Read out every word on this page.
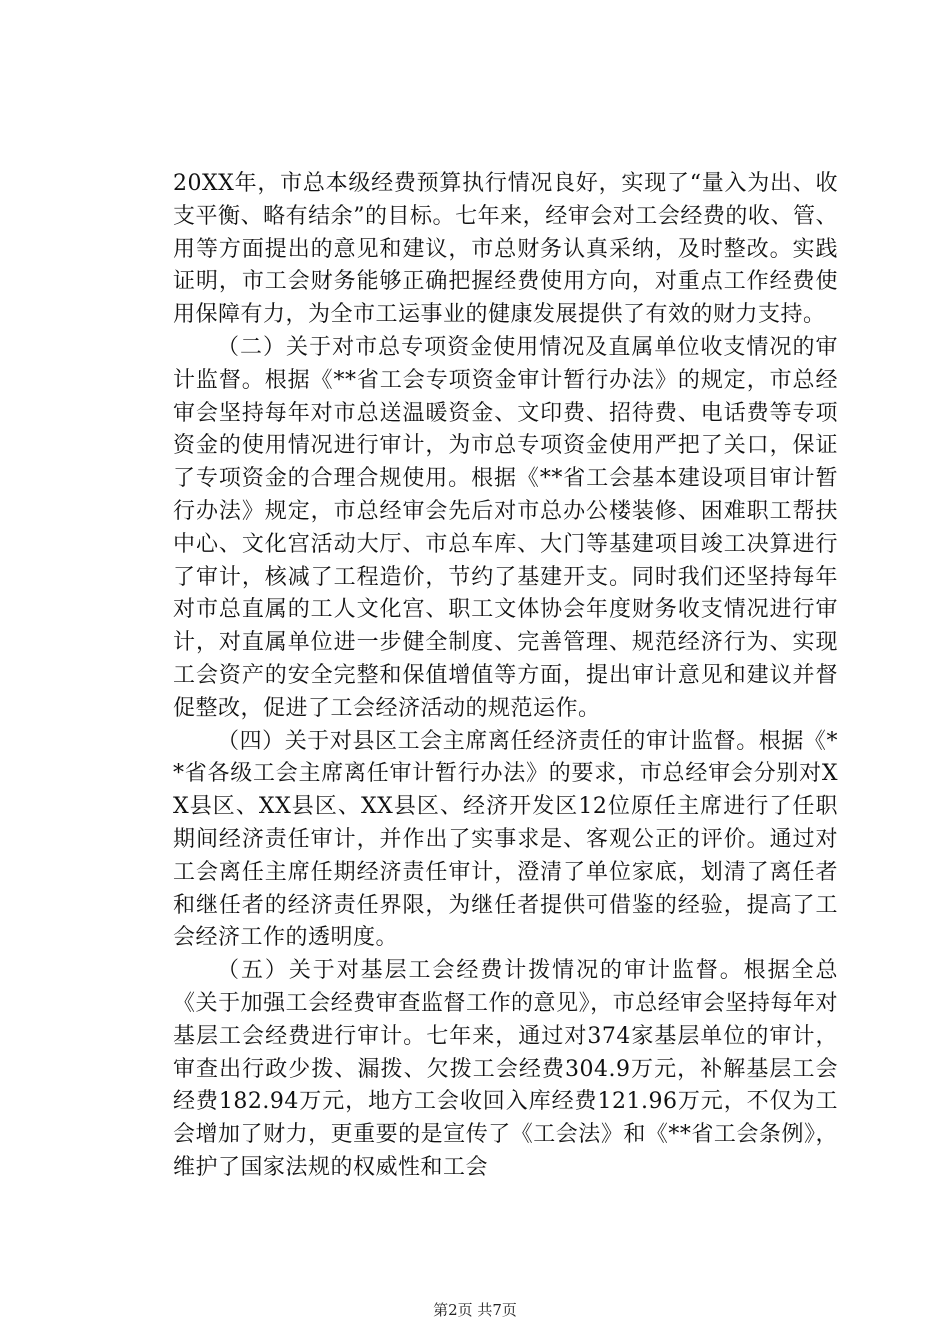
20XX年，市总本级经费预算执行情况良好，实现了“量入为出、收支平衡、略有结余”的目标。七年来，经审会对工会经费的收、管、用等方面提出的意见和建议，市总财务认真采纳，及时整改。实践证明，市工会财务能够正确把握经费使用方向，对重点工作经费使用保障有力，为全市工运事业的健康发展提供了有效的财力支持。

（二）关于对市总专项资金使用情况及直属单位收支情况的审计监督。根据《**省工会专项资金审计暂行办法》的规定，市总经审会坚持每年对市总送温暖资金、文印费、招待费、电话费等专项资金的使用情况进行审计，为市总专项资金使用严把了关口，保证了专项资金的合理合规使用。根据《**省工会基本建设项目审计暂行办法》规定，市总经审会先后对市总办公楼装修、困难职工帮扶中心、文化宫活动大厅、市总车库、大门等基建项目竣工决算进行了审计，核减了工程造价，节约了基建开支。同时我们还坚持每年对市总直属的工人文化宫、职工文体协会年度财务收支情况进行审计，对直属单位进一步健全制度、完善管理、规范经济行为、实现工会资产的安全完整和保值增值等方面，提出审计意见和建议并督促整改，促进了工会经济活动的规范运作。

（四）关于对县区工会主席离任经济责任的审计监督。根据《**省各级工会主席离任审计暂行办法》的要求，市总经审会分别对XX县区、XX县区、XX县区、经济开发区12位原任主席进行了任职期间经济责任审计，并作出了实事求是、客观公正的评价。通过对工会离任主席任期经济责任审计，澄清了单位家底，划清了离任者和继任者的经济责任界限，为继任者提供可借鉴的经验，提高了工会经济工作的透明度。

（五）关于对基层工会经费计拨情况的审计监督。根据全总《关于加强工会经费审查监督工作的意见》，市总经审会坚持每年对基层工会经费进行审计。七年来，通过对374家基层单位的审计，审查出行政少拨、漏拨、欠拨工会经费304.9万元，补解基层工会经费182.94万元，地方工会收回入库经费121.96万元，不仅为工会增加了财力，更重要的是宣传了《工会法》和《**省工会条例》，维护了国家法规的权威性和工会

第2页 共7页
